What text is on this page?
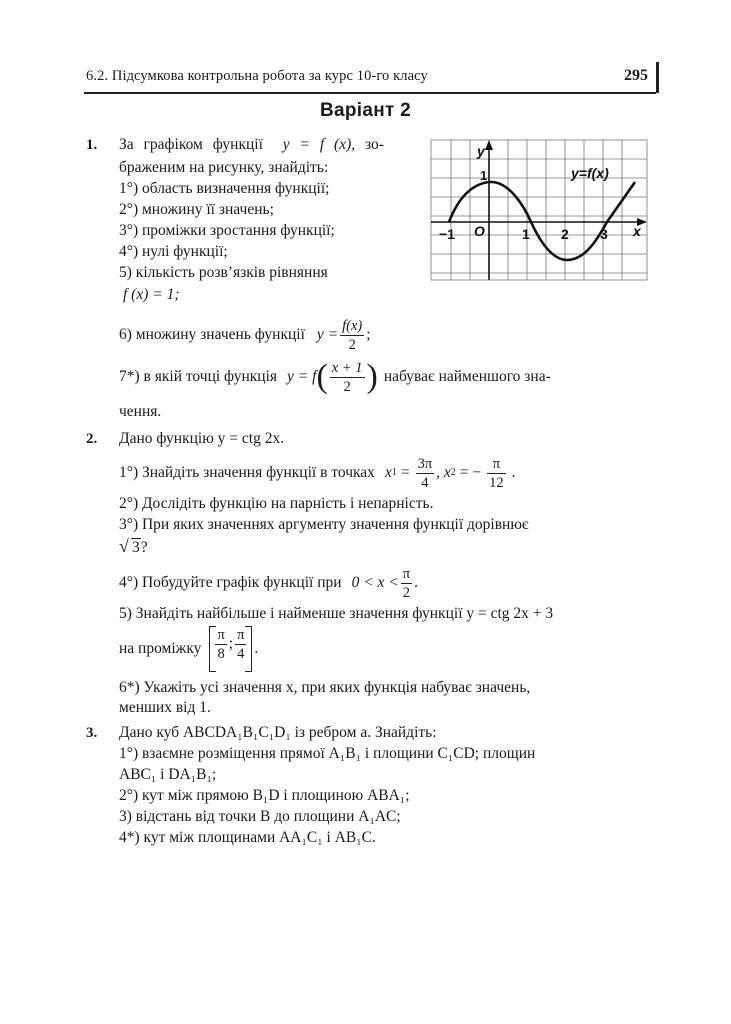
6.2. Підсумкова контрольна робота за курс 10-го класу	295
Варіант 2
1. За графіком функції y = f (x), зо-
браженим на рисунку, знайдіть:
1°) область визначення функції;
2°) множину її значень;
3°) проміжки зростання функції;
4°) нулі функції;
5) кількість розв’язків рівняння
f (x) = 1;
6) множину значень функції $y = \frac{f(x)}{2}$ ;
7*) в якій точці функція y = f ( $\frac{x + 1}{2}$ ) набуває найменшого зна-
чення.
y=f(x)
y
x
O
−1	1 2 3
1
2. Дано функцію y = ctg 2x.
1°) Знайдіть значення функції в точках x $1 = \frac{3\pi}{4}$ , x 2 = − $\frac{\pi}{12}$ .
2°) Дослідіть функцію на парність і непарність.
3°) При яких значеннях аргументу значення функції дорівнює
√ 3?
4°) Побудуйте графік функції при $0 < x < \frac{\pi}{2}$ .
5) Знайдіть найбільше і найменше значення функції y = ctg 2x + 3
на проміжку $\frac{\pi}{8}$ ; $\frac{\pi}{4}$ .
6*) Укажіть усі значення x, при яких функція набуває значень,
менших від 1.
3. Дано куб ABCDA₁B₁C₁D₁ із ребром a. Знайдіть:
1°) взаємне розміщення прямої A₁B₁ і площини C₁CD; площин
ABC₁ і DA₁B₁;
2°) кут між прямою B₁D і площиною ABA₁;
3) відстань від точки B до площини A₁AC;
4*) кут між площинами AA₁C₁ і AB₁C.
